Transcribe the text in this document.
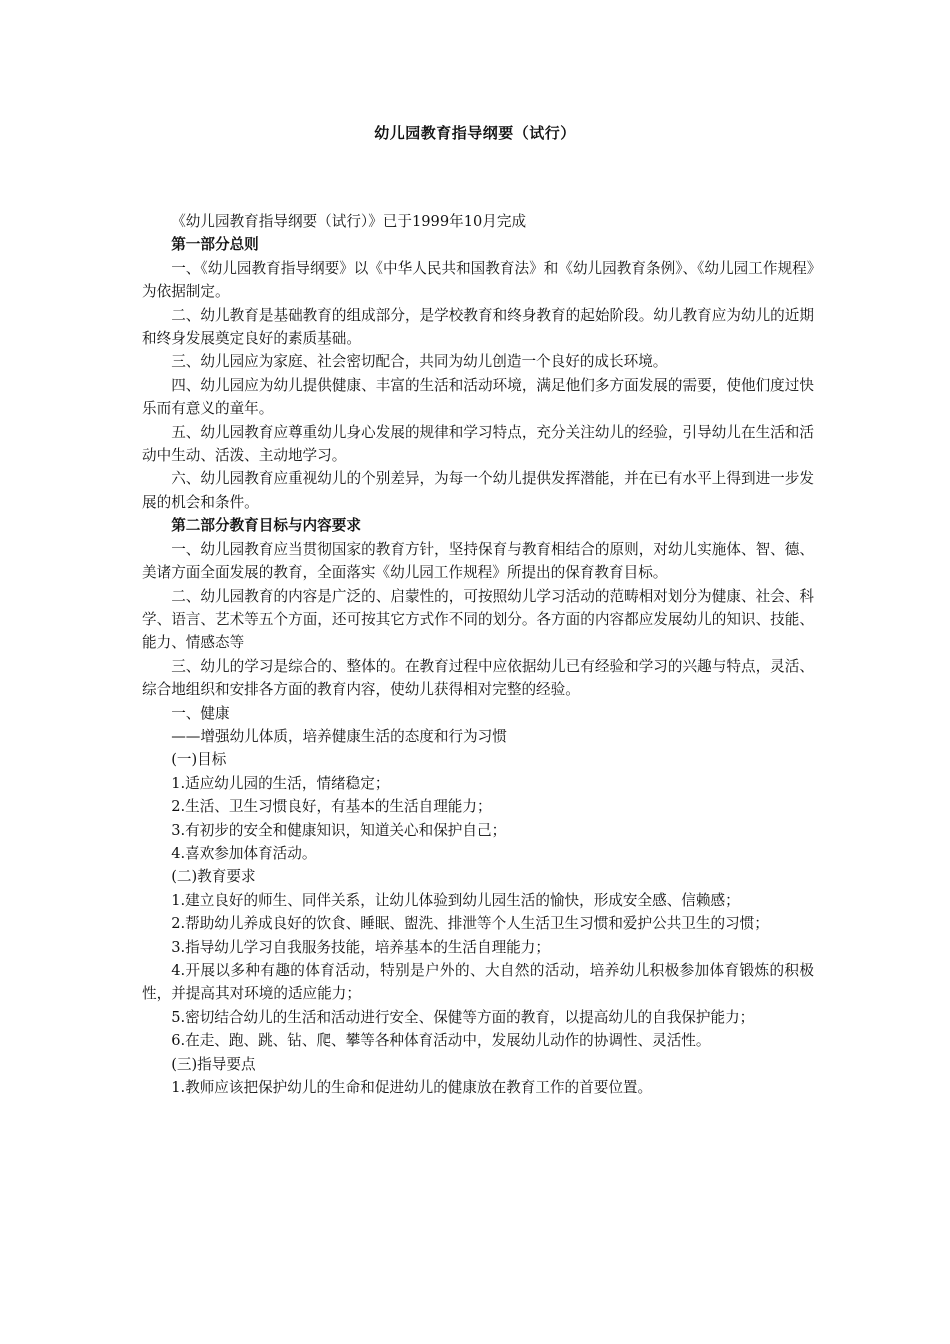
幼儿园教育指导纲要（试行）

《幼儿园教育指导纲要（试行）》已于1999年10月完成

第一部分总则

一、《幼儿园教育指导纲要》以《中华人民共和国教育法》和《幼儿园教育条例》、《幼儿园工作规程》为依据制定。

二、幼儿教育是基础教育的组成部分，是学校教育和终身教育的起始阶段。幼儿教育应为幼儿的近期和终身发展奠定良好的素质基础。

三、幼儿园应为家庭、社会密切配合，共同为幼儿创造一个良好的成长环境。

四、幼儿园应为幼儿提供健康、丰富的生活和活动环境，满足他们多方面发展的需要，使他们度过快乐而有意义的童年。

五、幼儿园教育应尊重幼儿身心发展的规律和学习特点，充分关注幼儿的经验，引导幼儿在生活和活动中生动、活泼、主动地学习。

六、幼儿园教育应重视幼儿的个别差异，为每一个幼儿提供发挥潜能，并在已有水平上得到进一步发展的机会和条件。

第二部分教育目标与内容要求

一、幼儿园教育应当贯彻国家的教育方针，坚持保育与教育相结合的原则，对幼儿实施体、智、德、美诸方面全面发展的教育，全面落实《幼儿园工作规程》所提出的保育教育目标。

二、幼儿园教育的内容是广泛的、启蒙性的，可按照幼儿学习活动的范畴相对划分为健康、社会、科学、语言、艺术等五个方面，还可按其它方式作不同的划分。各方面的内容都应发展幼儿的知识、技能、能力、情感态等

三、幼儿的学习是综合的、整体的。在教育过程中应依据幼儿已有经验和学习的兴趣与特点，灵活、综合地组织和安排各方面的教育内容，使幼儿获得相对完整的经验。

一、健康

——增强幼儿体质，培养健康生活的态度和行为习惯

(一)目标

1.适应幼儿园的生活，情绪稳定；

2.生活、卫生习惯良好，有基本的生活自理能力；

3.有初步的安全和健康知识，知道关心和保护自己；

4.喜欢参加体育活动。

(二)教育要求

1.建立良好的师生、同伴关系，让幼儿体验到幼儿园生活的愉快，形成安全感、信赖感；

2.帮助幼儿养成良好的饮食、睡眠、盥洗、排泄等个人生活卫生习惯和爱护公共卫生的习惯；

3.指导幼儿学习自我服务技能，培养基本的生活自理能力；

4.开展以多种有趣的体育活动，特别是户外的、大自然的活动，培养幼儿积极参加体育锻炼的积极性，并提高其对环境的适应能力；

5.密切结合幼儿的生活和活动进行安全、保健等方面的教育，以提高幼儿的自我保护能力；

6.在走、跑、跳、钻、爬、攀等各种体育活动中，发展幼儿动作的协调性、灵活性。

(三)指导要点

1.教师应该把保护幼儿的生命和促进幼儿的健康放在教育工作的首要位置。
